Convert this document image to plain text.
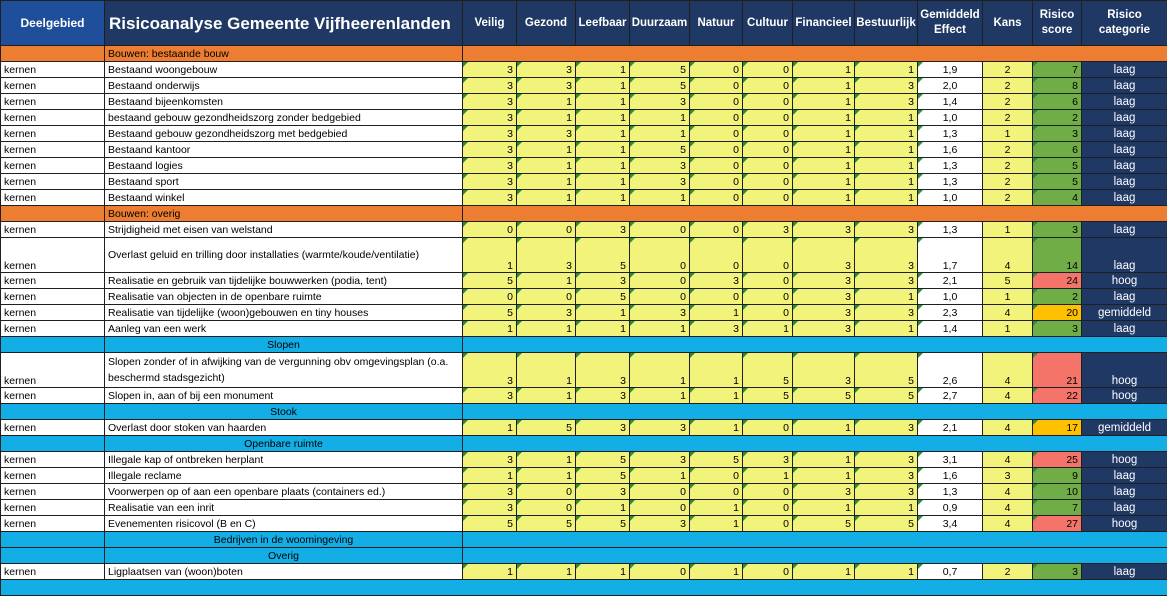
Deelgebied	Risicoanalyse Gemeente Vijfheerenlanden	Veilig	Gezond	Leefbaar	Duurzaam	Natuur	Cultuur	Financieel	Bestuurlijk	Gemiddeld Effect	Kans	Risico score	Risico categorie
	Bouwen: bestaande bouw												
kernen	Bestaand woongebouw	3	3	1	5	0	0	1	1	1,9	2	7	laag
kernen	Bestaand onderwijs	3	3	1	5	0	0	1	3	2,0	2	8	laag
kernen	Bestaand bijeenkomsten	3	1	1	3	0	0	1	3	1,4	2	6	laag
kernen	bestaand gebouw gezondheidszorg zonder bedgebied	3	1	1	1	0	0	1	1	1,0	2	2	laag
kernen	Bestaand gebouw gezondheidszorg met bedgebied	3	3	1	1	0	0	1	1	1,3	1	3	laag
kernen	Bestaand kantoor	3	1	1	5	0	0	1	1	1,6	2	6	laag
kernen	Bestaand logies	3	1	1	3	0	0	1	1	1,3	2	5	laag
kernen	Bestaand sport	3	1	1	3	0	0	1	1	1,3	2	5	laag
kernen	Bestaand winkel	3	1	1	1	0	0	1	1	1,0	2	4	laag
	Bouwen: overig												
kernen	Strijdigheid met eisen van welstand	0	0	3	0	0	3	3	3	1,3	1	3	laag
kernen	Overlast geluid en trilling door installaties (warmte/koude/ventilatie)	1	3	5	0	0	0	3	3	1,7	4	14	laag
kernen	Realisatie en gebruik van tijdelijke bouwwerken (podia, tent)	5	1	3	0	3	0	3	3	2,1	5	24	hoog
kernen	Realisatie van objecten in de openbare ruimte	0	0	5	0	0	0	3	1	1,0	1	2	laag
kernen	Realisatie van tijdelijke (woon)gebouwen en tiny houses	5	3	1	3	1	0	3	3	2,3	4	20	gemiddeld
kernen	Aanleg van een werk	1	1	1	1	3	1	3	1	1,4	1	3	laag
	Slopen												
kernen	Slopen zonder of in afwijking van de vergunning obv omgevingsplan (o.a. beschermd stadsgezicht)	3	1	3	1	1	5	3	5	2,6	4	21	hoog
kernen	Slopen in, aan of bij een monument	3	1	3	1	1	5	5	5	2,7	4	22	hoog
	Stook												
kernen	Overlast door stoken van haarden	1	5	3	3	1	0	1	3	2,1	4	17	gemiddeld
	Openbare ruimte												
kernen	Illegale kap of ontbreken herplant	3	1	5	3	5	3	1	3	3,1	4	25	hoog
kernen	Illegale reclame	1	1	5	1	0	1	1	3	1,6	3	9	laag
kernen	Voorwerpen op of aan een openbare plaats (containers ed.)	3	0	3	0	0	0	3	3	1,3	4	10	laag
kernen	Realisatie van een inrit	3	0	1	0	1	0	1	1	0,9	4	7	laag
kernen	Evenementen risicovol (B en C)	5	5	5	3	1	0	5	5	3,4	4	27	hoog
	Bedrijven in de woomingeving												
	Overig												
kernen	Ligplaatsen van (woon)boten	1	1	1	0	1	0	1	1	0,7	2	3	laag
